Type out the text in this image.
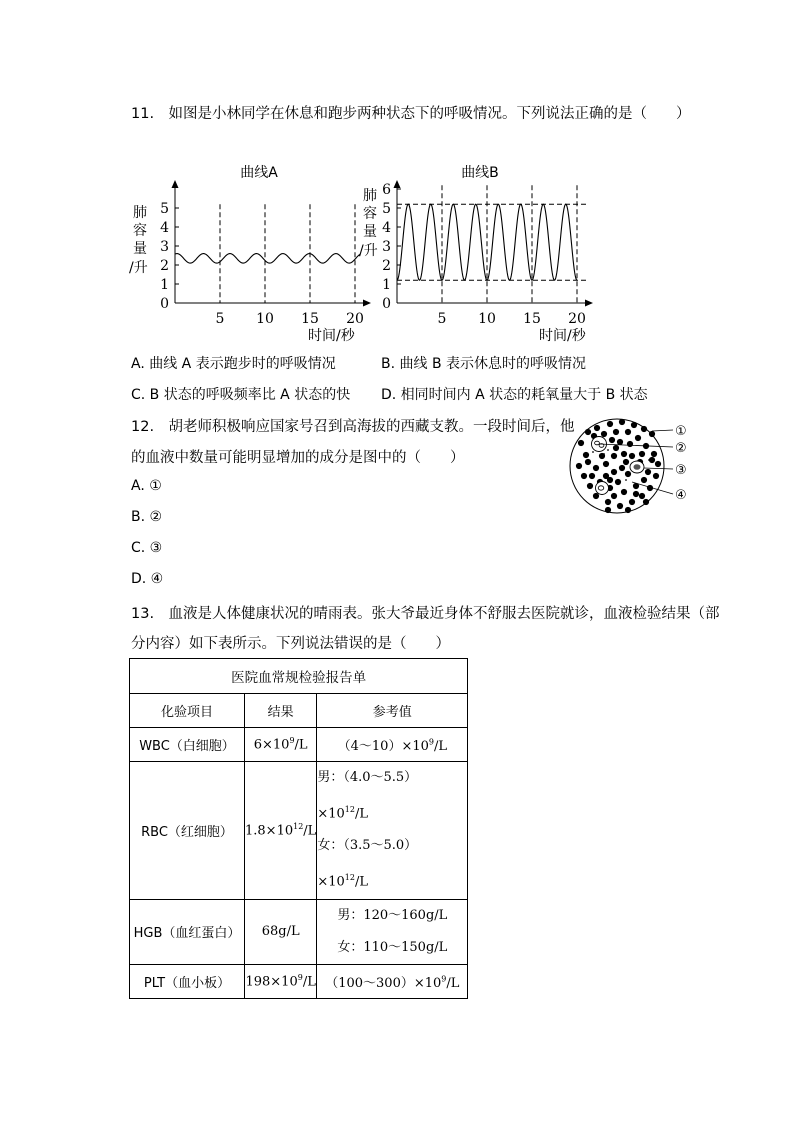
11.　如图是小林同学在休息和跑步两种状态下的呼吸情况。下列说法正确的是（　　）
曲线A
0
1
2
3
4
5
5 10 15 20
肺
容
量
/升
时间/秒
曲线B
0
1
2
3
4
5
6
5 10 15 20
肺
容
量
/升
时间/秒
A. 曲线 A 表示跑步时的呼吸情况	B. 曲线 B 表示休息时的呼吸情况
C. B 状态的呼吸频率比 A 状态的快 D. 相同时间内 A 状态的耗氧量大于 B 状态
12.　胡老师积极响应国家号召到高海拔的西藏支教。一段时间后，他
的血液中数量可能明显增加的成分是图中的（　　）
①
②
③
④
A. ①
B. ②
C. ③
D. ④
13.　血液是人体健康状况的晴雨表。张大爷最近身体不舒服去医院就诊，血液检验结果（部
分内容）如下表所示。下列说法错误的是（　　）
医院血常规检验报告单		
化验项目	结果	参考值
WBC（白细胞）	$6\times 10^9/L$	$(4\sim 10)\times 10^9/L$
RBC（红细胞）	$1.8\times 10^{12}/L$	男：$(4.0\sim 5.5)\times 10^{12}/L$
女：$(3.5\sim 5.0)\times 10^{12}/L$

HGB（血红蛋白）	68g/L	男：120～160g/L
女：110～150g/L

PLT（血小板）	$198\times 10^9/L$	$(100\sim 300)\times 10^9/L$
